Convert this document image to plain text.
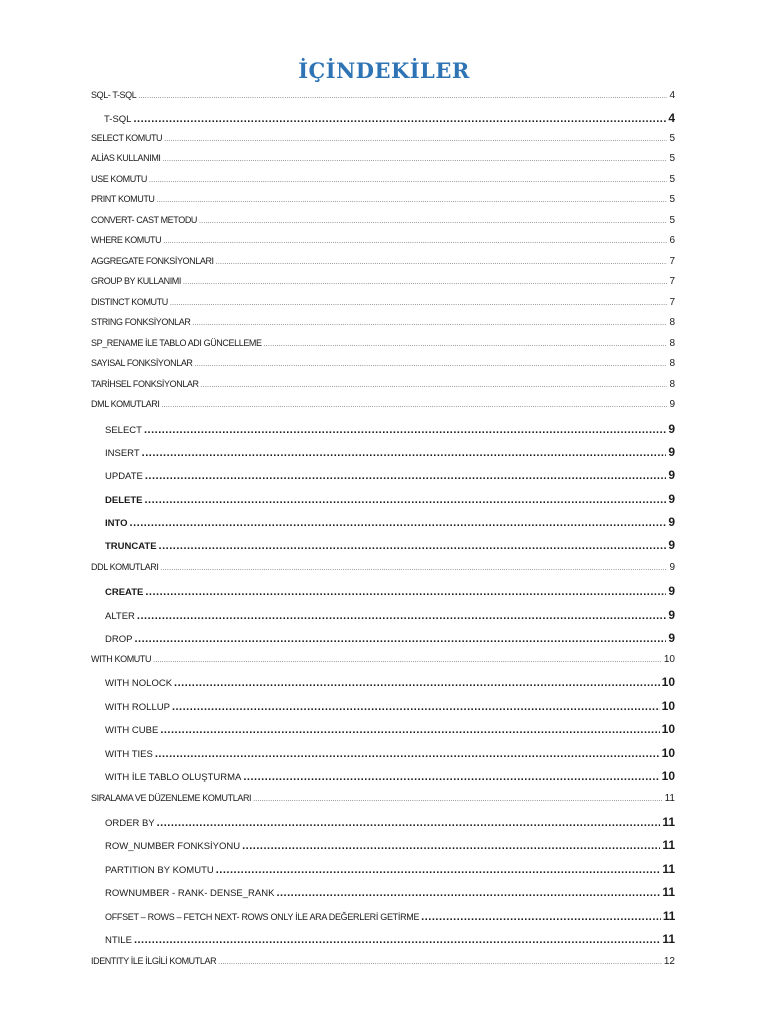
İÇİNDEKİLER
SQL- T-SQL .....	4
T-SQL .....	4
SELECT KOMUTU .....	5
ALİAS KULLANIMI .....	5
USE KOMUTU .....	5
PRINT KOMUTU .....	5
CONVERT- CAST METODU .....	5
WHERE KOMUTU .....	6
AGGREGATE FONKSİYONLARI .....	7
GROUP BY KULLANIMI .....	7
DISTINCT KOMUTU .....	7
STRING FONKSİYONLAR .....	8
SP_RENAME İLE TABLO ADI GÜNCELLEME .....	8
SAYISAL FONKSİYONLAR .....	8
TARİHSEL FONKSİYONLAR .....	8
DML KOMUTLARI .....	9
SELECT .....	9
INSERT .....	9
UPDATE .....	9
DELETE .....	9
INTO .....	9
TRUNCATE .....	9
DDL KOMUTLARI .....	9
CREATE .....	9
ALTER .....	9
DROP .....	9
WITH KOMUTU .....	10
WITH NOLOCK .....	10
WITH ROLLUP .....	10
WITH CUBE .....	10
WITH TIES .....	10
WITH İLE TABLO OLUŞTURMA .....	10
SIRALAMA VE DÜZENLEME KOMUTLARI .....	11
ORDER BY .....	11
ROW_NUMBER FONKSİYONU .....	11
PARTITION BY KOMUTU .....	11
ROWNUMBER - RANK- DENSE_RANK .....	11
OFFSET – ROWS – FETCH NEXT- ROWS ONLY İLE ARA DEĞERLERİ GETİRME .....	11
NTILE .....	11
IDENTITY İLE İLGİLİ KOMUTLAR .....	12
